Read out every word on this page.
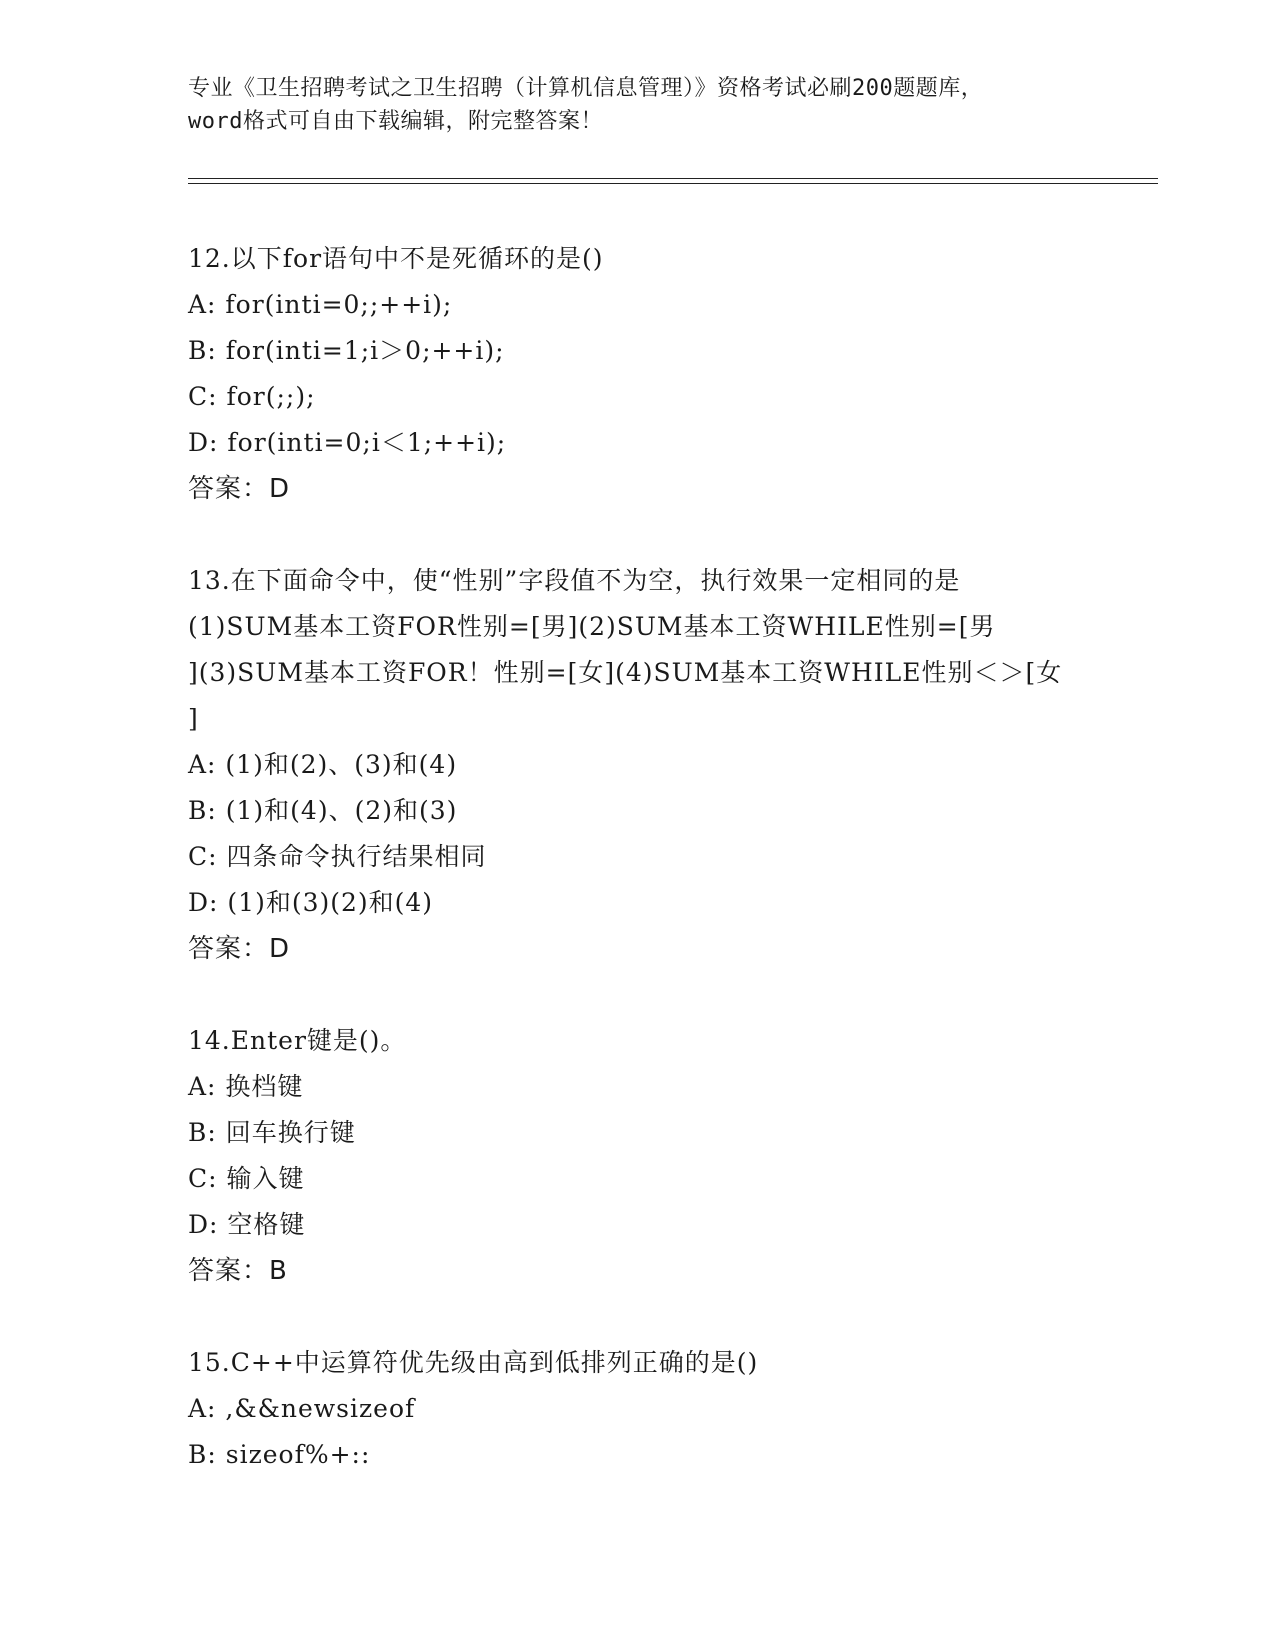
专业《卫生招聘考试之卫生招聘（计算机信息管理）》资格考试必刷200题题库，
word格式可自由下载编辑，附完整答案！
12.以下for语句中不是死循环的是()
A: for(inti=0;;++i);
B: for(inti=1;i＞0;++i);
C: for(;;);
D: for(inti=0;i＜1;++i);
答案：D
13.在下面命令中，使“性别”字段值不为空，执行效果一定相同的是
(1)SUM基本工资FOR性别=[男](2)SUM基本工资WHILE性别=[男
](3)SUM基本工资FOR！性别=[女](4)SUM基本工资WHILE性别＜＞[女
]
A: (1)和(2)、(3)和(4)
B: (1)和(4)、(2)和(3)
C: 四条命令执行结果相同
D: (1)和(3)(2)和(4)
答案：D
14.Enter键是()。
A: 换档键
B: 回车换行键
C: 输入键
D: 空格键
答案：B
15.C++中运算符优先级由高到低排列正确的是()
A: ,&&newsizeof
B: sizeof%+::
